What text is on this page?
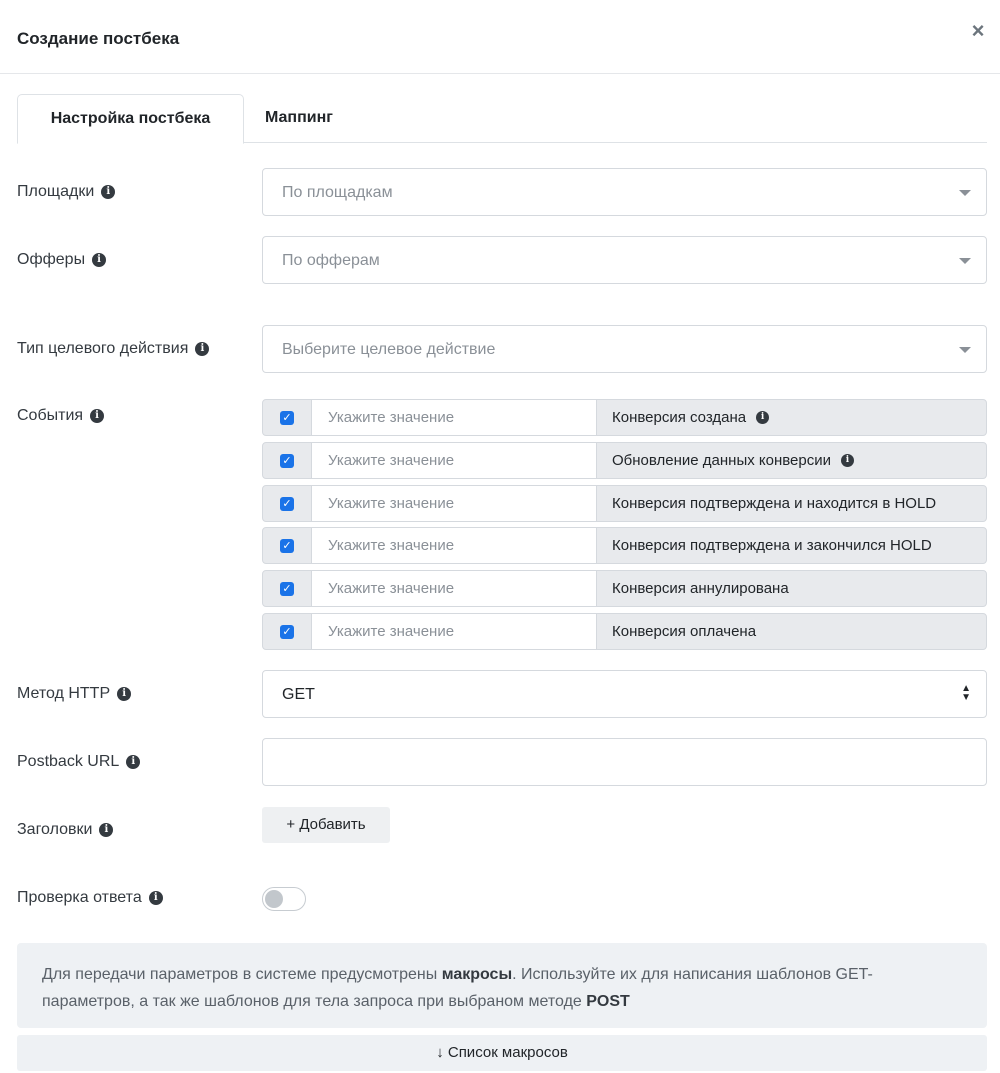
Создание постбека	×
Настройка постбека	Маппинг
Площадки	i	По площадкам
Офферы	i	По офферам
Тип целевого действия	i	Выберите целевое действие
События	i	✓	Укажите значение	Конверсия создана	i
✓	Укажите значение	Обновление данных конверсии	i
✓	Укажите значение	Конверсия подтверждена и находится в HOLD
✓	Укажите значение	Конверсия подтверждена и закончился HOLD
✓	Укажите значение	Конверсия аннулирована
✓	Укажите значение	Конверсия оплачена
Метод HTTP	i	GET	▲
▼
Postback URL	i
Заголовки	i	+ Добавить
Проверка ответа	i
Для передачи параметров в системе предусмотрены макросы. Используйте их для написания шаблонов GET-параметров, а так же шаблонов для тела запроса при выбраном методе POST
↓ Список макросов
